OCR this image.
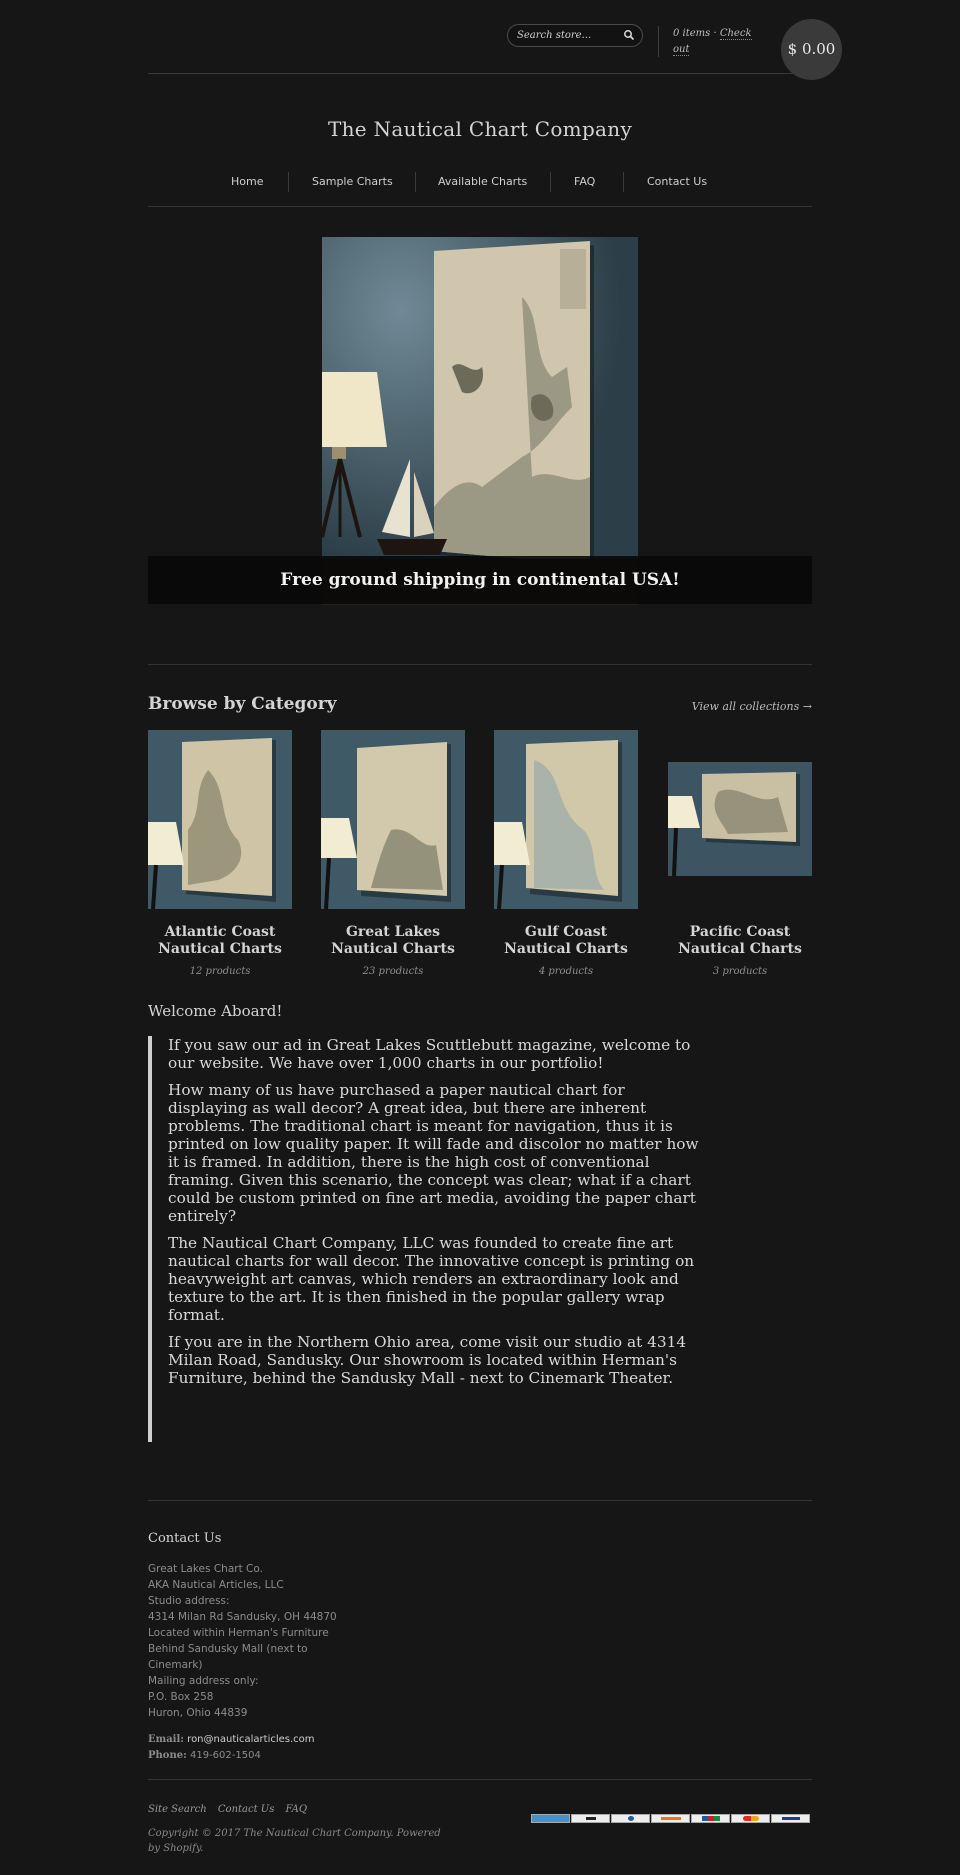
Search store...
0 items · Check out	$ 0.00
The Nautical Chart Company
Home	Sample Charts	Available Charts	FAQ	Contact Us
Free ground shipping in continental USA!
Browse by Category	View all collections →
Atlantic Coast
Nautical Charts
12 products
Great Lakes
Nautical Charts
23 products
Gulf Coast
Nautical Charts
4 products
Pacific Coast
Nautical Charts
3 products
Welcome Aboard!

If you saw our ad in Great Lakes Scuttlebutt magazine, welcome to our website. We have over 1,000 charts in our portfolio!

How many of us have purchased a paper nautical chart for displaying as wall decor? A great idea, but there are inherent problems. The traditional chart is meant for navigation, thus it is printed on low quality paper. It will fade and discolor no matter how it is framed. In addition, there is the high cost of conventional framing. Given this scenario, the concept was clear; what if a chart could be custom printed on fine art media, avoiding the paper chart entirely?

The Nautical Chart Company, LLC was founded to create fine art nautical charts for wall decor. The innovative concept is printing on heavyweight art canvas, which renders an extraordinary look and texture to the art. It is then finished in the popular gallery wrap format.

If you are in the Northern Ohio area, come visit our studio at 4314 Milan Road, Sandusky. Our showroom is located within Herman's Furniture, behind the Sandusky Mall - next to Cinemark Theater.

Contact Us
Great Lakes Chart Co.
AKA Nautical Articles, LLC
Studio address:
4314 Milan Rd Sandusky, OH 44870
Located within Herman's Furniture
Behind Sandusky Mall (next to
Cinemark)
Mailing address only:
P.O. Box 258
Huron, Ohio 44839
Email: ron@nauticalarticles.com
Phone: 419-602-1504
Site Search Contact Us FAQ
Copyright © 2017 The Nautical Chart Company. Powered by Shopify.
